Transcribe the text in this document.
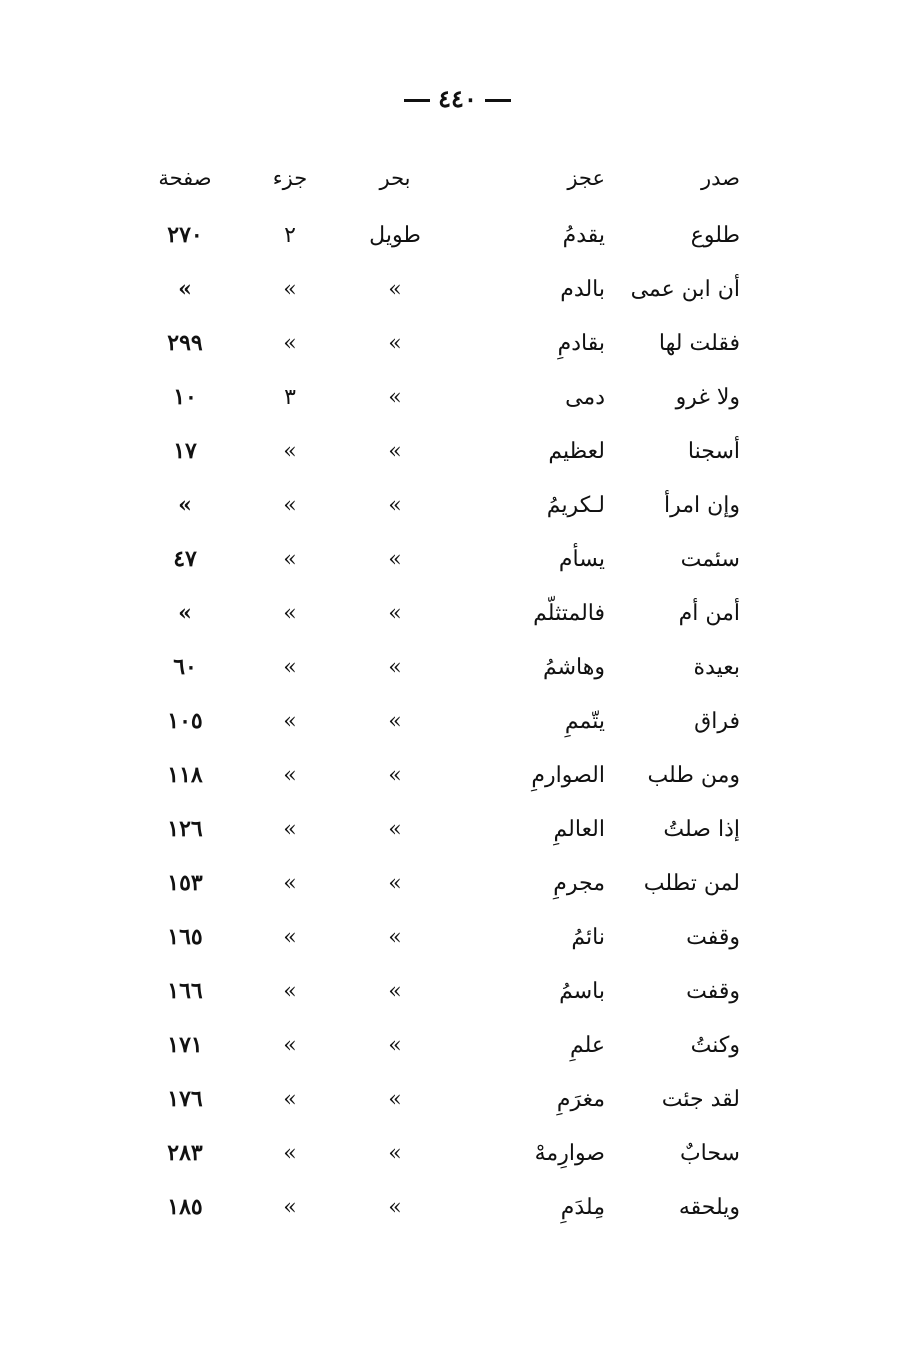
٤٤٠
صدر
عجز
بحر
جزء
صفحة
طلوع
يقدمُ
طويل
٢
٢٧٠
أن ابن عمى
بالدم
»
»
»
فقلت لها
بقادمِ
»
»
٢٩٩
ولا غرو
دمى
»
٣
١٠
أسجنا
لعظيم
»
»
١٧
وإن امرأ
لـكريمُ
»
»
»
سئمت
يسأم
»
»
٤٧
أمن أم
فالمتثلّم
»
»
»
بعيدة
وهاشمُ
»
»
٦٠
فراق
يتّممِ
»
»
١٠٥
ومن طلب
الصوارمِ
»
»
١١٨
إذا صلتُ
العالمِ
»
»
١٢٦
لمن تطلب
مجرمِ
»
»
١٥٣
وقفت
نائمُ
»
»
١٦٥
وقفت
باسمُ
»
»
١٦٦
وكنتُ
علمِ
»
»
١٧١
لقد جئت
مغرَمِ
»
»
١٧٦
سحابٌ
صوارِمهْ
»
»
٢٨٣
ويلحقه
مِلدَمِ
»
»
١٨٥
